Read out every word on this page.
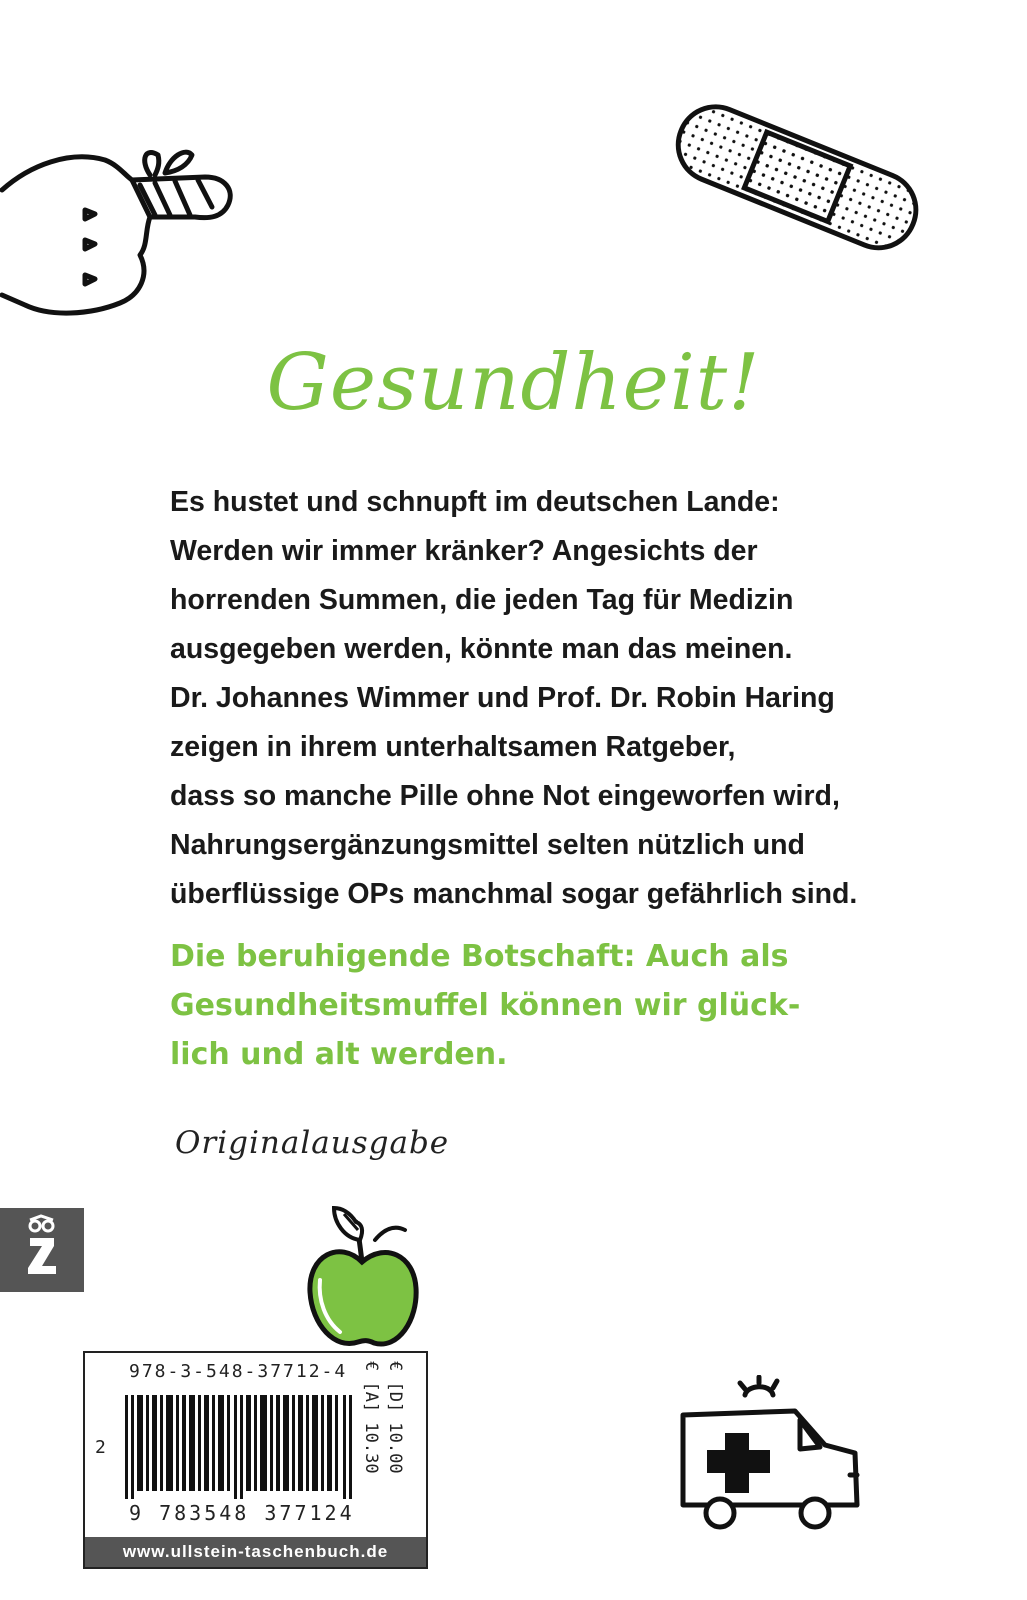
Gesundheit!
Es hustet und schnupft im deutschen Lande:
Werden wir immer kränker? Angesichts der
horrenden Summen, die jeden Tag für Medizin
ausgegeben werden, könnte man das meinen.
Dr. Johannes Wimmer und Prof. Dr. Robin Haring
zeigen in ihrem unterhaltsamen Ratgeber,
dass so manche Pille ohne Not eingeworfen wird,
Nahrungsergänzungsmittel selten nützlich und
überflüssige OPs manchmal sogar gefährlich sind.
Die beruhigende Botschaft: Auch als
Gesundheitsmuffel können wir glück-
lich und alt werden.
Originalausgabe
978-3-548-37712-4
2
9 783548 377124
€ [D] 10.00
€ [A] 10.30
www.ullstein-taschenbuch.de
